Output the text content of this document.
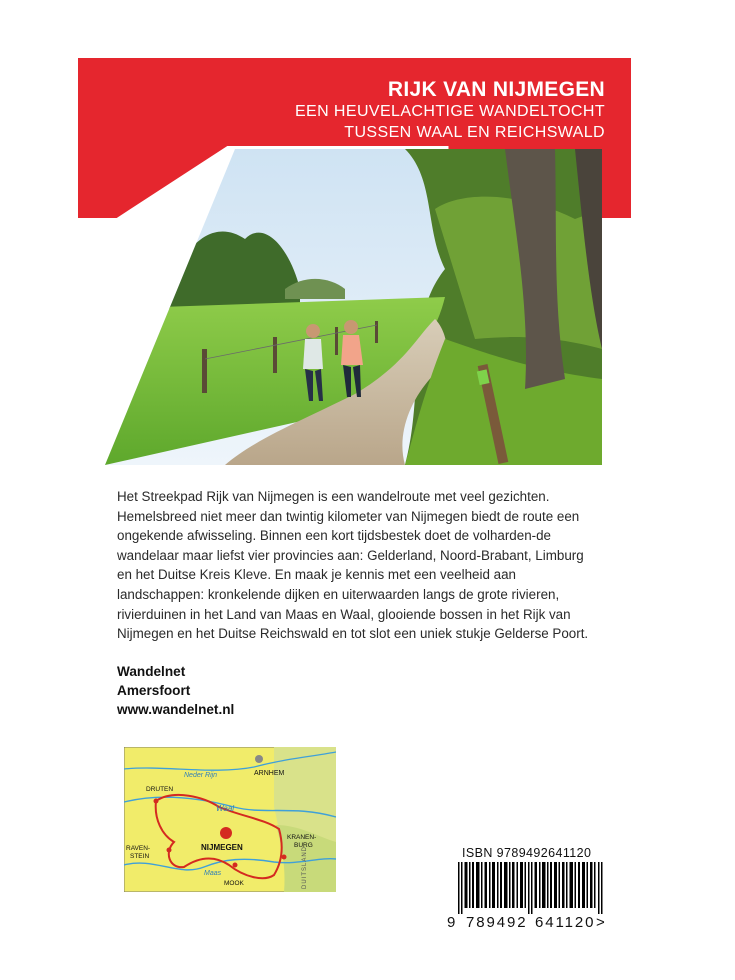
RIJK VAN NIJMEGEN
EEN HEUVELACHTIGE WANDELTOCHT
TUSSEN WAAL EN REICHSWALD
Het Streekpad Rijk van Nijmegen is een wandelroute met veel gezichten. Hemelsbreed niet meer dan twintig kilometer van Nijmegen biedt de route een ongekende afwisseling. Binnen een kort tijdsbestek doet de volharden-de wandelaar maar liefst vier provincies aan: Gelderland, Noord-Brabant, Limburg en het Duitse Kreis Kleve. En maak je kennis met een veelheid aan landschappen: kronkelende dijken en uiterwaarden langs de grote rivieren, rivierduinen in het Land van Maas en Waal, glooiende bossen in het Rijk van Nijmegen en het Duitse Reichswald en tot slot een uniek stukje Gelderse Poort.
Wandelnet
Amersfoort
www.wandelnet.nl
ARNHEM
Neder Rijn
DRUTEN
Waal
NIJMEGEN
RAVEN-
STEIN
KRANEN-
BURG
Maas
MOOK	DUITSLAND	ISBN 9789492641120
9 789492 641120 >
